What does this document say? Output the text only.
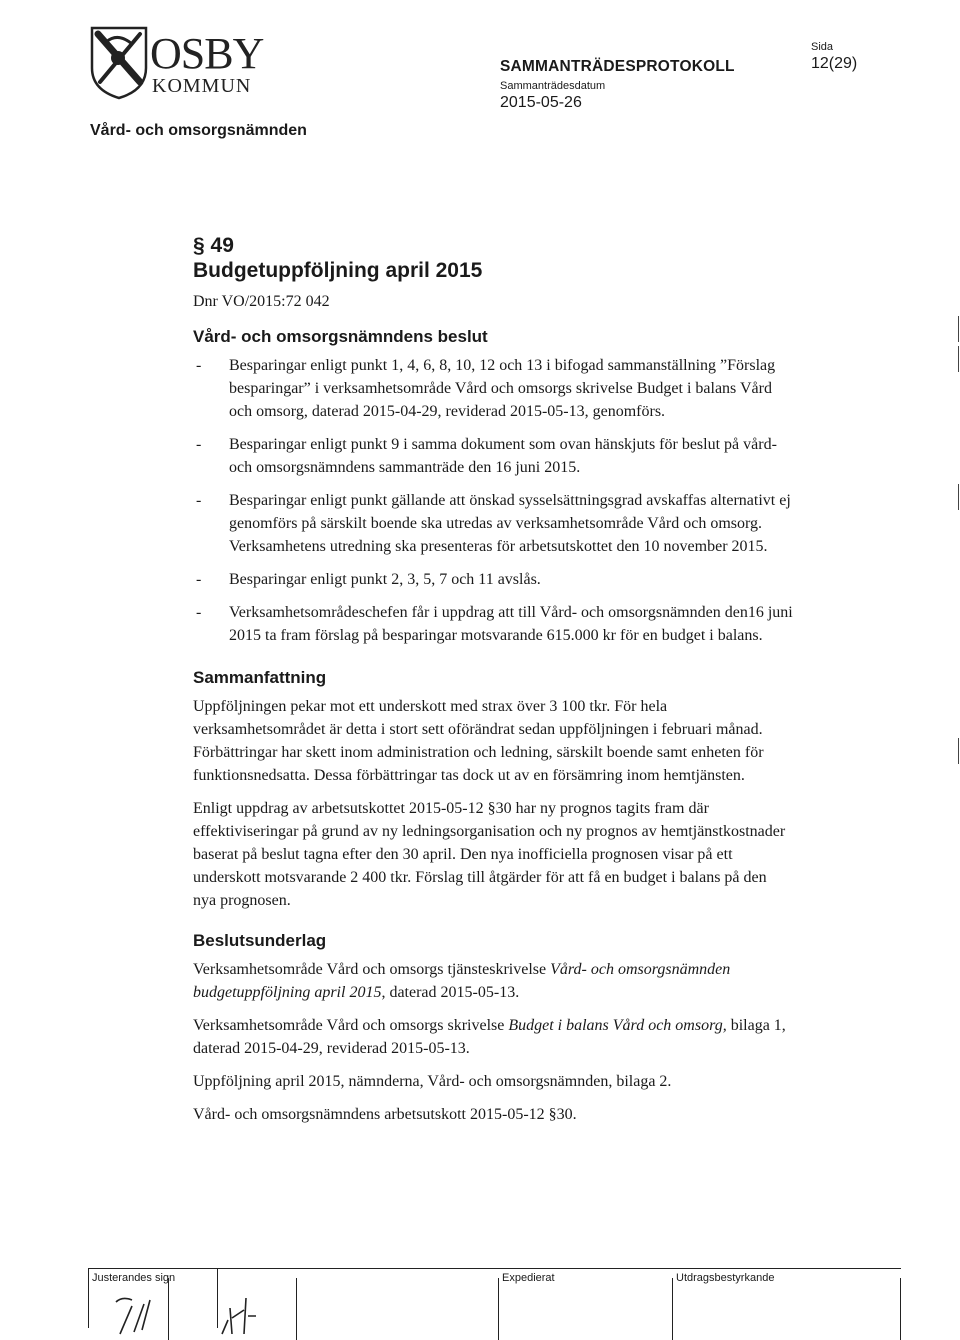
OSBY
KOMMUN
Vård- och omsorgsnämnden
SAMMANTRÄDESPROTOKOLL
Sammanträdesdatum
2015-05-26
Sida
12(29)

§ 49

Budgetuppföljning april 2015

Dnr VO/2015:72 042

Vård- och omsorgsnämndens beslut

- Besparingar enligt punkt 1, 4, 6, 8, 10, 12 och 13 i bifogad sammanställning ”Förslag besparingar” i verksamhetsområde Vård och omsorgs skrivelse Budget i balans Vård och omsorg, daterad 2015-04-29, reviderad 2015-05-13, genomförs.
- Besparingar enligt punkt 9 i samma dokument som ovan hänskjuts för beslut på vård- och omsorgsnämndens sammanträde den 16 juni 2015.
- Besparingar enligt punkt gällande att önskad sysselsättningsgrad avskaffas alternativt ej genomförs på särskilt boende ska utredas av verksamhetsområde Vård och omsorg. Verksamhetens utredning ska presenteras för arbetsutskottet den 10 november 2015.
- Besparingar enligt punkt 2, 3, 5, 7 och 11 avslås.
- Verksamhetsområdeschefen får i uppdrag att till Vård- och omsorgsnämnden den16 juni 2015 ta fram förslag på besparingar motsvarande 615.000 kr för en budget i balans.

Sammanfattning

Uppföljningen pekar mot ett underskott med strax över 3 100 tkr. För hela verksamhetsområdet är detta i stort sett oförändrat sedan uppföljningen i februari månad. Förbättringar har skett inom administration och ledning, särskilt boende samt enheten för funktionsnedsatta. Dessa förbättringar tas dock ut av en försämring inom hemtjänsten.

Enligt uppdrag av arbetsutskottet 2015-05-12 §30 har ny prognos tagits fram där effektiviseringar på grund av ny ledningsorganisation och ny prognos av hemtjänstkostnader baserat på beslut tagna efter den 30 april. Den nya inofficiella prognosen visar på ett underskott motsvarande 2 400 tkr. Förslag till åtgärder för att få en budget i balans på den nya prognosen.

Beslutsunderlag

Verksamhetsområde Vård och omsorgs tjänsteskrivelse Vård- och omsorgsnämnden budgetuppföljning april 2015, daterad 2015-05-13.

Verksamhetsområde Vård och omsorgs skrivelse Budget i balans Vård och omsorg, bilaga 1, daterad 2015-04-29, reviderad 2015-05-13.

Uppföljning april 2015, nämnderna, Vård- och omsorgsnämnden, bilaga 2.

Vård- och omsorgsnämndens arbetsutskott 2015-05-12 §30.

Justerandes sign	Expedierat	Utdragsbestyrkande
